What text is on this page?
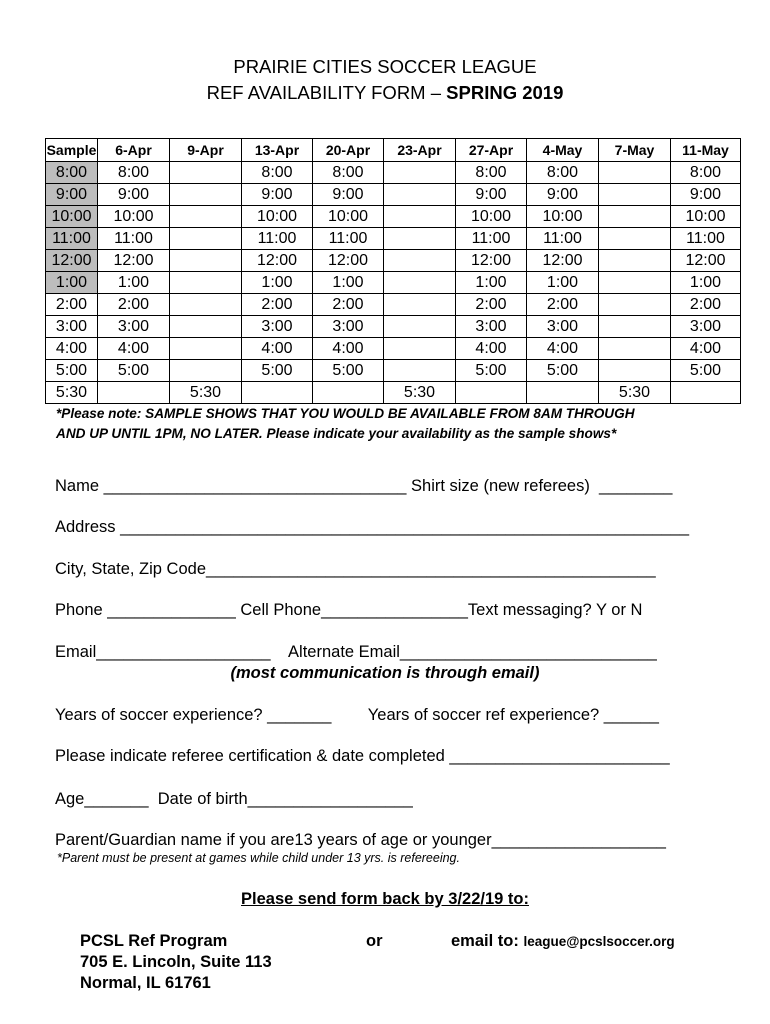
PRAIRIE CITIES SOCCER LEAGUE
REF AVAILABILITY FORM – SPRING 2019
Sample	6-Apr	9-Apr	13-Apr	20-Apr	23-Apr	27-Apr	4-May	7-May	11-May
8:00	8:00		8:00	8:00		8:00	8:00		8:00
9:00	9:00		9:00	9:00		9:00	9:00		9:00
10:00	10:00		10:00	10:00		10:00	10:00		10:00
11:00	11:00		11:00	11:00		11:00	11:00		11:00
12:00	12:00		12:00	12:00		12:00	12:00		12:00
1:00	1:00		1:00	1:00		1:00	1:00		1:00
2:00	2:00		2:00	2:00		2:00	2:00		2:00
3:00	3:00		3:00	3:00		3:00	3:00		3:00
4:00	4:00		4:00	4:00		4:00	4:00		4:00
5:00	5:00		5:00	5:00		5:00	5:00		5:00
5:30		5:30			5:30			5:30	
*Please note: SAMPLE SHOWS THAT YOU WOULD BE AVAILABLE FROM 8AM THROUGH
AND UP UNTIL 1PM, NO LATER. Please indicate your availability as the sample shows*
Name _________________________________ Shirt size (new referees)  ________
Address ______________________________________________________________
City, State, Zip Code_________________________________________________
Phone ______________ Cell Phone________________Text messaging? Y or N
Email___________________    Alternate Email____________________________
(most communication is through email)
Years of soccer experience? _______        Years of soccer ref experience? ______
Please indicate referee certification & date completed ________________________
Age_______  Date of birth__________________
Parent/Guardian name if you are13 years of age or younger___________________
*Parent must be present at games while child under 13 yrs. is refereeing.
Please send form back by 3/22/19 to:
PCSL Ref Program
705 E. Lincoln, Suite 113
Normal, IL 61761
or	email to: league@pcslsoccer.org
